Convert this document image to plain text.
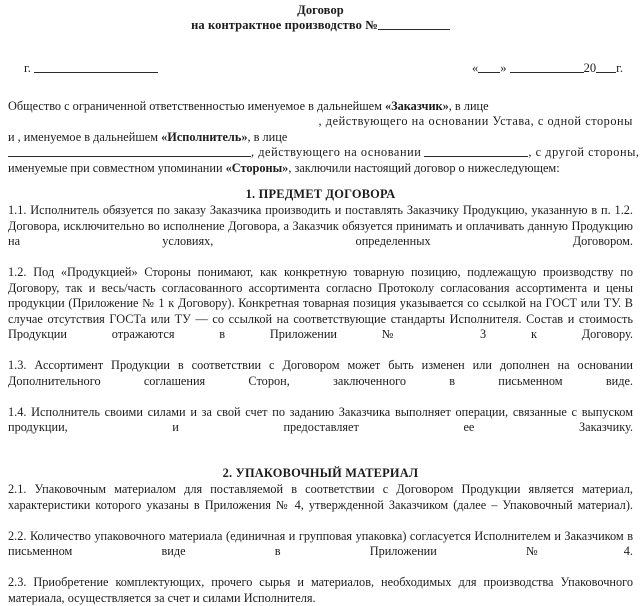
Договор
на контрактное производство №
г.	« »	20 г.
Общество с ограниченной ответственностью именуемое в дальнейшем «Заказчик», в лице
, действующего на основании Устава, с одной стороны
и , именуемое в дальнейшем «Исполнитель», в лице
, действующего на основании	, с другой стороны,
именуемые при совместном упоминании «Стороны», заключили настоящий договор о нижеследующем:
1. ПРЕДМЕТ ДОГОВОРА

1.1. Исполнитель обязуется по заказу Заказчика производить и поставлять Заказчику Продукцию, указанную в п. 1.2. Договора, исключительно во исполнение Договора, а Заказчик обязуется принимать и оплачивать данную Продукцию на условиях, определенных Договором.

1.2. Под «Продукцией» Стороны понимают, как конкретную товарную позицию, подлежащую производству по Договору, так и весь/часть согласованного ассортимента согласно Протоколу согласования ассортимента и цены продукции (Приложение № 1 к Договору). Конкретная товарная позиция указывается со ссылкой на ГОСТ или ТУ. В случае отсутствия ГОСТа или ТУ — со ссылкой на соответствующие стандарты Исполнителя. Состав и стоимость Продукции отражаются в Приложении № 3 к Договору.

1.3. Ассортимент Продукции в соответствии с Договором может быть изменен или дополнен на основании Дополнительного соглашения Сторон, заключенного в письменном виде.

1.4. Исполнитель своими силами и за свой счет по заданию Заказчика выполняет операции, связанные с выпуском продукции, и предоставляет ее Заказчику.

2. УПАКОВОЧНЫЙ МАТЕРИАЛ

2.1. Упаковочным материалом для поставляемой в соответствии с Договором Продукции является материал, характеристики которого указаны в Приложения № 4, утвержденной Заказчиком (далее – Упаковочный материал).

2.2. Количество упаковочного материала (единичная и групповая упаковка) согласуется Исполнителем и Заказчиком в письменном виде в Приложении №4.

2.3. Приобретение комплектующих, прочего сырья и материалов, необходимых для производства Упаковочного материала, осуществляется за счет и силами Исполнителя.
